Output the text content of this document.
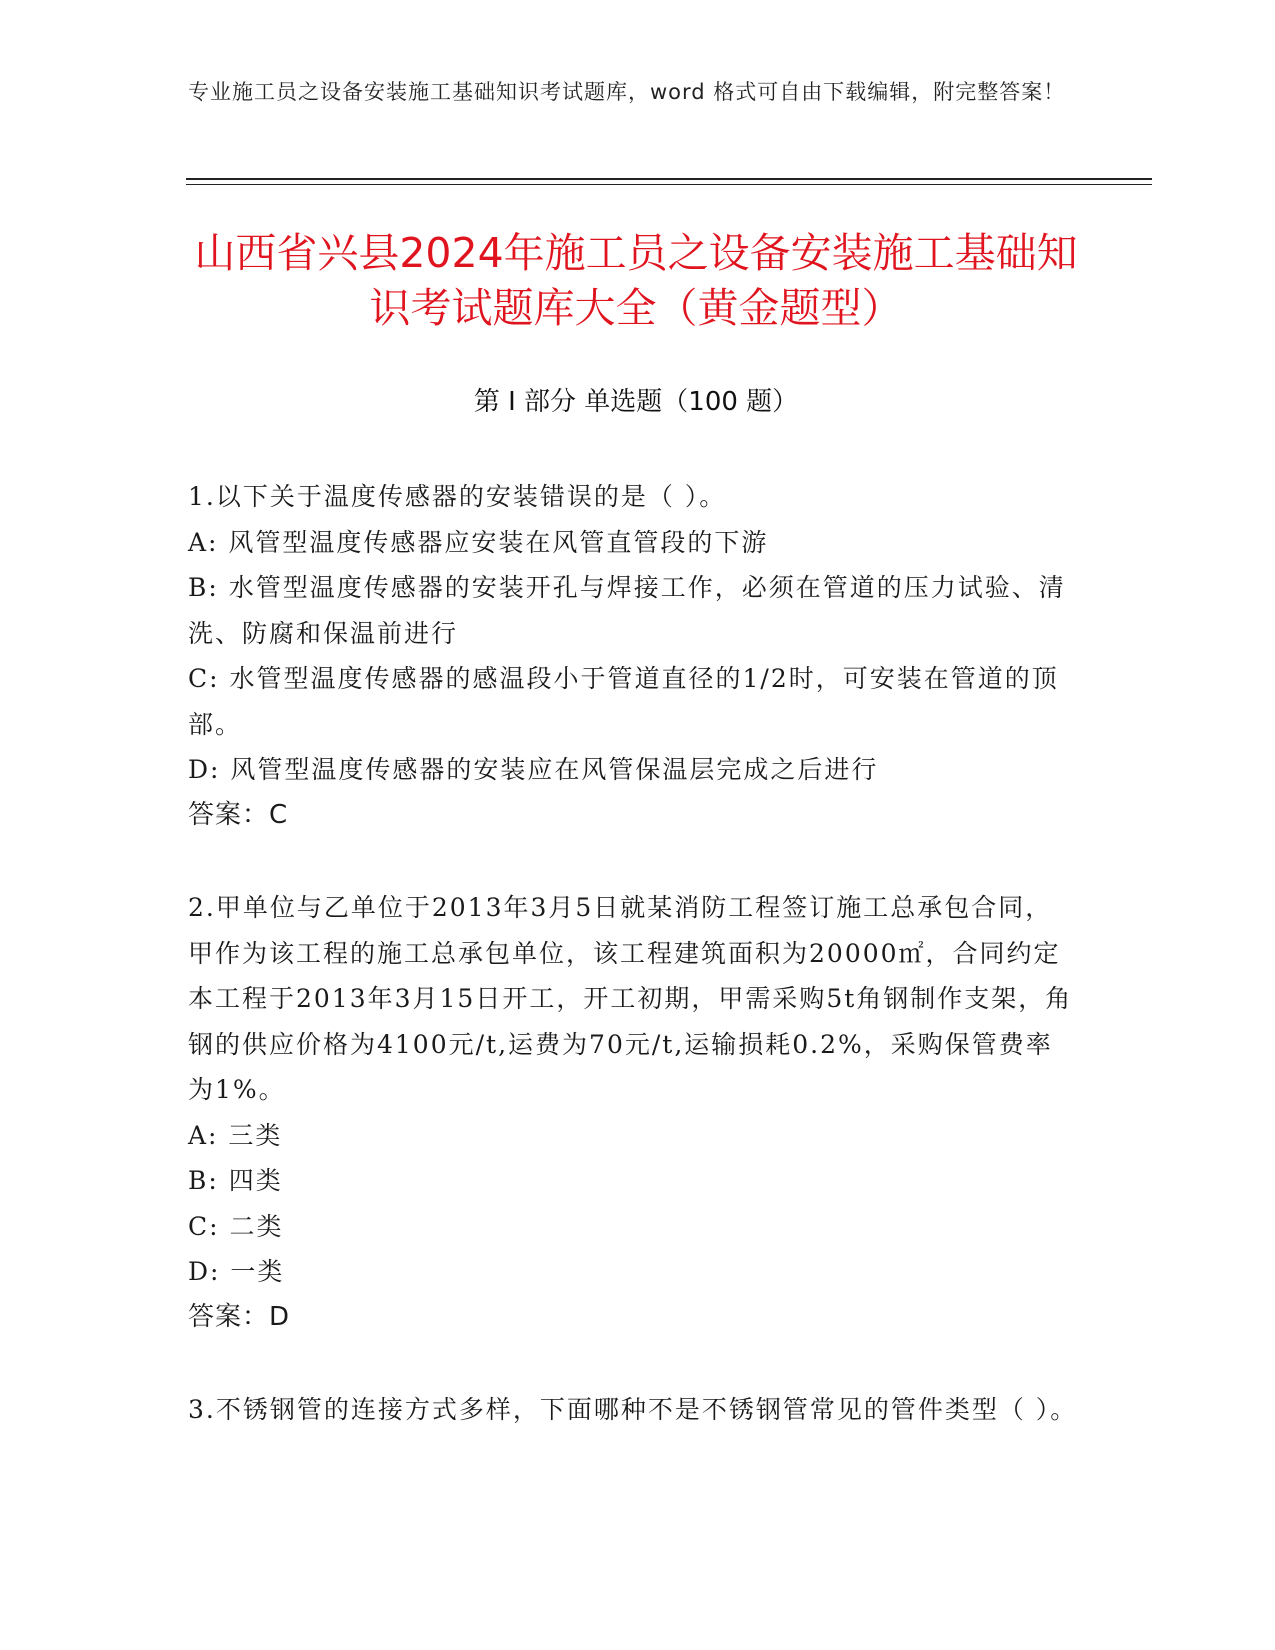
专业施工员之设备安装施工基础知识考试题库，word 格式可自由下载编辑，附完整答案！
山西省兴县2024年施工员之设备安装施工基础知识考试题库大全（黄金题型）
第 I 部分 单选题（100 题）

1.以下关于温度传感器的安装错误的是（ ）。

A: 风管型温度传感器应安装在风管直管段的下游

B: 水管型温度传感器的安装开孔与焊接工作，必须在管道的压力试验、清洗、防腐和保温前进行

C: 水管型温度传感器的感温段小于管道直径的1/2时，可安装在管道的顶部。

D: 风管型温度传感器的安装应在风管保温层完成之后进行

答案：C

2.甲单位与乙单位于2013年3月5日就某消防工程签订施工总承包合同，甲作为该工程的施工总承包单位，该工程建筑面积为20000㎡，合同约定本工程于2013年3月15日开工，开工初期，甲需采购5t角钢制作支架，角钢的供应价格为4100元/t,运费为70元/t,运输损耗0.2%，采购保管费率为1%。

A: 三类

B: 四类

C: 二类

D: 一类

答案：D

3.不锈钢管的连接方式多样，下面哪种不是不锈钢管常见的管件类型（ ）。
